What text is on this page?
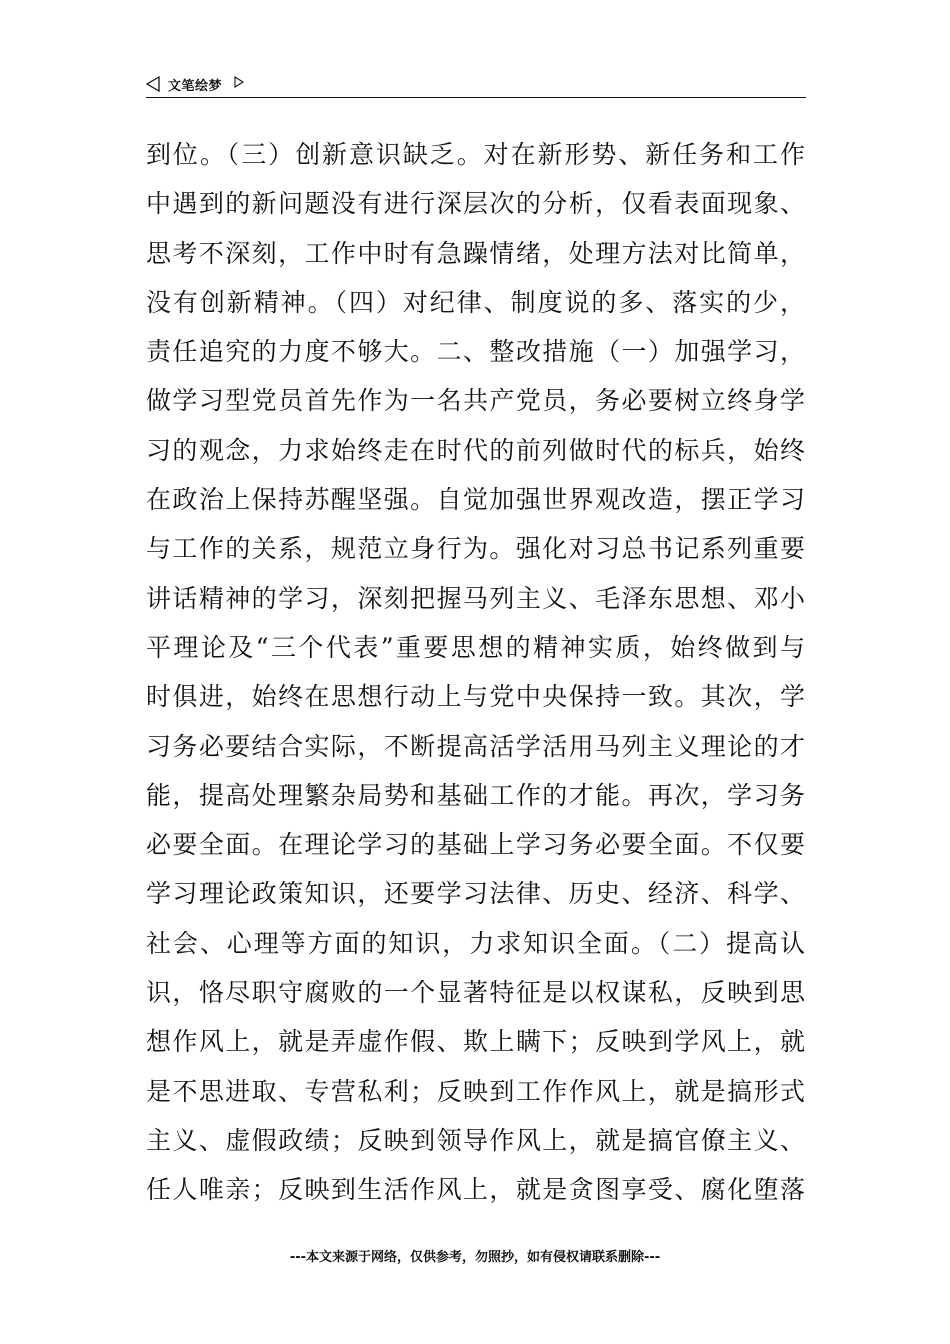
文笔绘梦
到位。（三）创新意识缺乏。对在新形势、新任务和工作
中遇到的新问题没有进行深层次的分析，仅看表面现象、
思考不深刻，工作中时有急躁情绪，处理方法对比简单，
没有创新精神。（四）对纪律、制度说的多、落实的少，
责任追究的力度不够大。二、整改措施（一）加强学习，
做学习型党员首先作为一名共产党员，务必要树立终身学
习的观念，力求始终走在时代的前列做时代的标兵，始终
在政治上保持苏醒坚强。自觉加强世界观改造，摆正学习
与工作的关系，规范立身行为。强化对习总书记系列重要
讲话精神的学习，深刻把握马列主义、毛泽东思想、邓小
平理论及“三个代表”重要思想的精神实质，始终做到与
时俱进，始终在思想行动上与党中央保持一致。其次，学
习务必要结合实际，不断提高活学活用马列主义理论的才
能，提高处理繁杂局势和基础工作的才能。再次，学习务
必要全面。在理论学习的基础上学习务必要全面。不仅要
学习理论政策知识，还要学习法律、历史、经济、科学、
社会、心理等方面的知识，力求知识全面。（二）提高认
识，恪尽职守腐败的一个显著特征是以权谋私，反映到思
想作风上，就是弄虚作假、欺上瞒下；反映到学风上，就
是不思进取、专营私利；反映到工作作风上，就是搞形式
主义、虚假政绩；反映到领导作风上，就是搞官僚主义、
任人唯亲；反映到生活作风上，就是贪图享受、腐化堕落
---本文来源于网络，仅供参考，勿照抄，如有侵权请联系删除---
